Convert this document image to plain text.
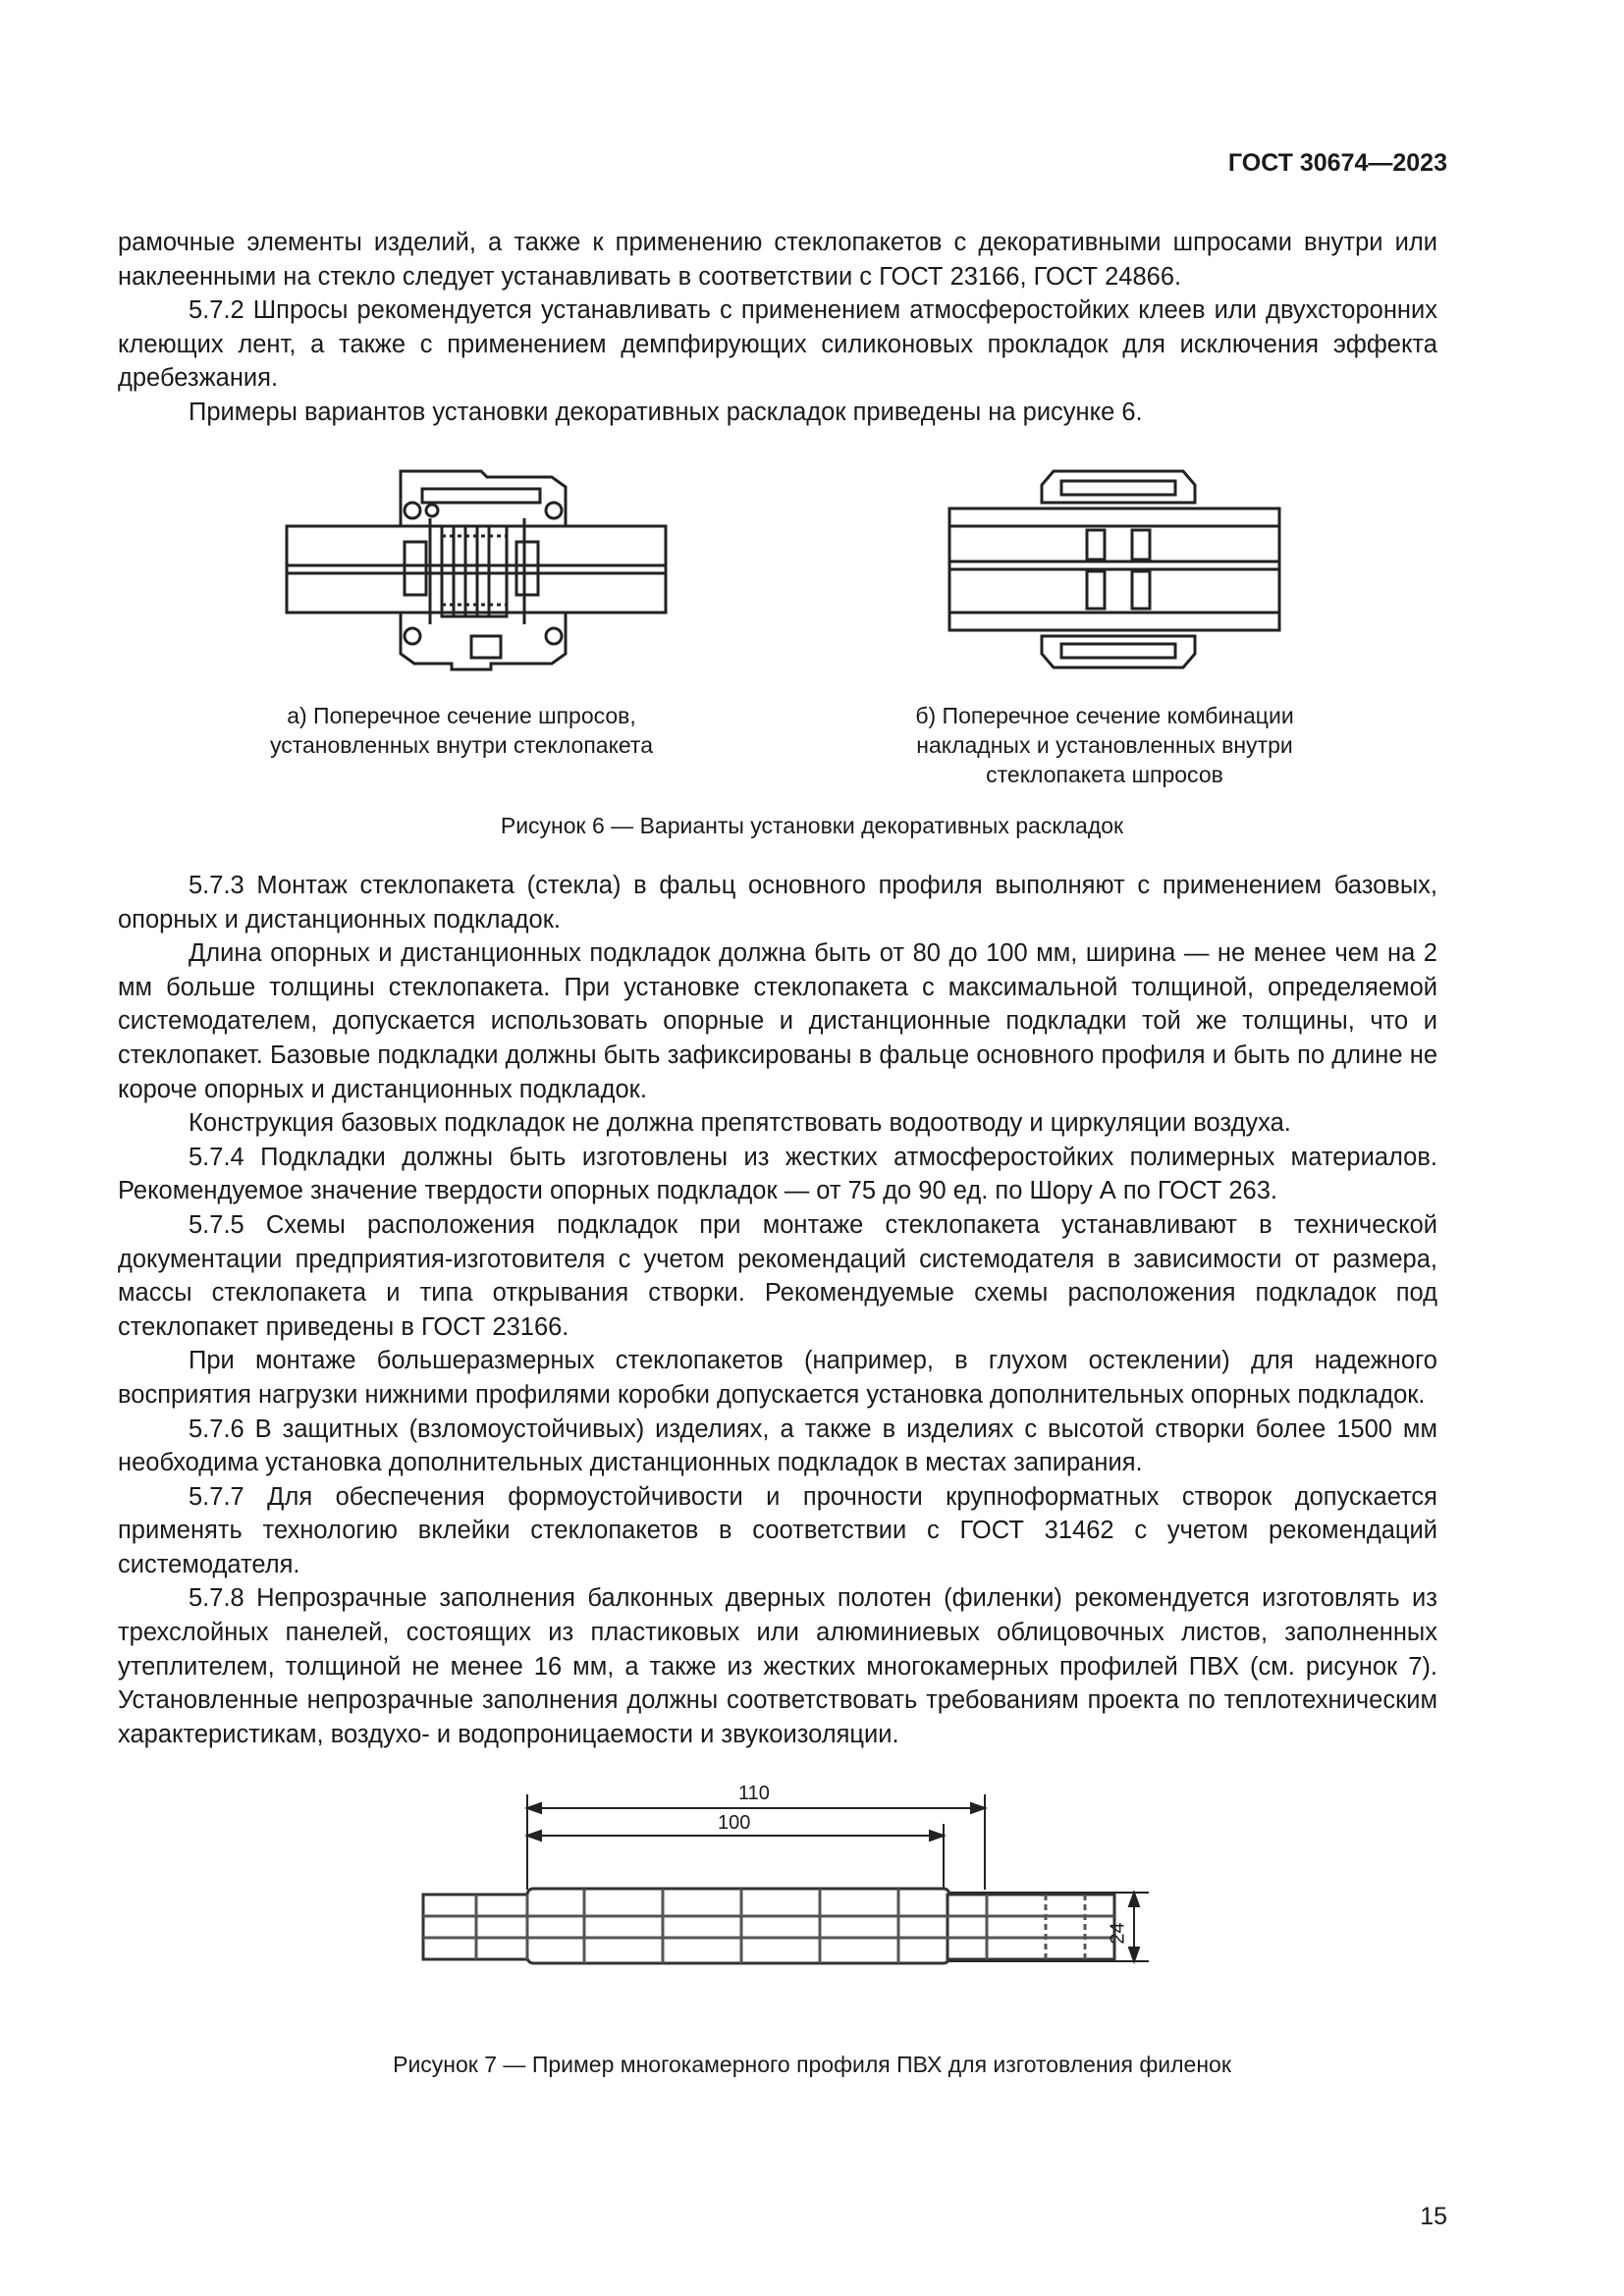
ГОСТ 30674—2023

рамочные элементы изделий, а также к применению стеклопакетов с декоративными шпросами внутри или наклеенными на стекло следует устанавливать в соответствии с ГОСТ 23166, ГОСТ 24866.

5.7.2 Шпросы рекомендуется устанавливать с применением атмосферостойких клеев или двухсторонних клеющих лент, а также с применением демпфирующих силиконовых прокладок для исключения эффекта дребезжания.

Примеры вариантов установки декоративных раскладок приведены на рисунке 6.

а) Поперечное сечение шпросов, установленных внутри стеклопакета
б) Поперечное сечение комбинации накладных и установленных внутри стеклопакета шпросов
Рисунок 6 — Варианты установки декоративных раскладок

5.7.3 Монтаж стеклопакета (стекла) в фальц основного профиля выполняют с применением базовых, опорных и дистанционных подкладок.

Длина опорных и дистанционных подкладок должна быть от 80 до 100 мм, ширина — не менее чем на 2 мм больше толщины стеклопакета. При установке стеклопакета с максимальной толщиной, определяемой системодателем, допускается использовать опорные и дистанционные подкладки той же толщины, что и стеклопакет. Базовые подкладки должны быть зафиксированы в фальце основного профиля и быть по длине не короче опорных и дистанционных подкладок.

Конструкция базовых подкладок не должна препятствовать водоотводу и циркуляции воздуха.

5.7.4 Подкладки должны быть изготовлены из жестких атмосферостойких полимерных материалов. Рекомендуемое значение твердости опорных подкладок — от 75 до 90 ед. по Шору А по ГОСТ 263.

5.7.5 Схемы расположения подкладок при монтаже стеклопакета устанавливают в технической документации предприятия-изготовителя с учетом рекомендаций системодателя в зависимости от размера, массы стеклопакета и типа открывания створки. Рекомендуемые схемы расположения подкладок под стеклопакет приведены в ГОСТ 23166.

При монтаже большеразмерных стеклопакетов (например, в глухом остеклении) для надежного восприятия нагрузки нижними профилями коробки допускается установка дополнительных опорных подкладок.

5.7.6 В защитных (взломоустойчивых) изделиях, а также в изделиях с высотой створки более 1500 мм необходима установка дополнительных дистанционных подкладок в местах запирания.

5.7.7 Для обеспечения формоустойчивости и прочности крупноформатных створок допускается применять технологию вклейки стеклопакетов в соответствии с ГОСТ 31462 с учетом рекомендаций системодателя.

5.7.8 Непрозрачные заполнения балконных дверных полотен (филенки) рекомендуется изготовлять из трехслойных панелей, состоящих из пластиковых или алюминиевых облицовочных листов, заполненных утеплителем, толщиной не менее 16 мм, а также из жестких многокамерных профилей ПВХ (см. рисунок 7). Установленные непрозрачные заполнения должны соответствовать требованиям проекта по теплотехническим характеристикам, воздухо- и водопроницаемости и звукоизоляции.

110
100
24
Рисунок 7 — Пример многокамерного профиля ПВХ для изготовления филенок
15
